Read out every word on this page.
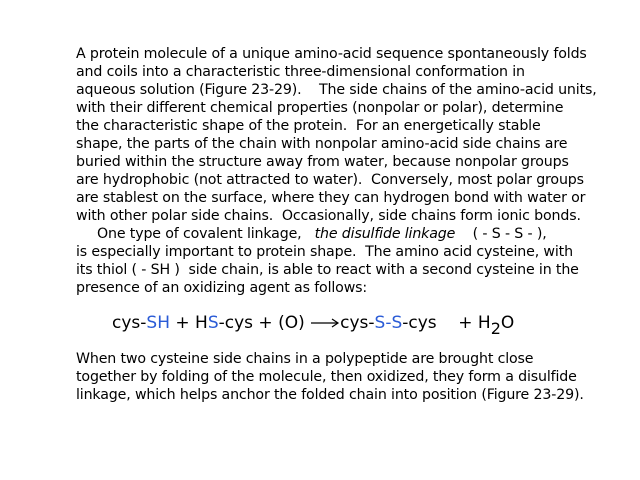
A protein molecule of a unique amino-acid sequence spontaneously folds
and coils into a characteristic three-dimensional conformation in
aqueous solution (Figure 23-29).    The side chains of the amino-acid units,
with their different chemical properties (nonpolar or polar), determine
the characteristic shape of the protein.  For an energetically stable
shape, the parts of the chain with nonpolar amino-acid side chains are
buried within the structure away from water, because nonpolar groups
are hydrophobic (not attracted to water).  Conversely, most polar groups
are stablest on the surface, where they can hydrogen bond with water or
with other polar side chains.  Occasionally, side chains form ionic bonds.
One type of covalent linkage,   the disulfide linkage    ( - S - S - ),
is especially important to protein shape.  The amino acid cysteine, with
its thiol ( - SH )  side chain, is able to react with a second cysteine in the
presence of an oxidizing agent as follows:
cys-SH + HS-cys + (O) →cys-S-S-cys    + H2O
When two cysteine side chains in a polypeptide are brought close
together by folding of the molecule, then oxidized, they form a disulfide
linkage, which helps anchor the folded chain into position (Figure 23-29).
